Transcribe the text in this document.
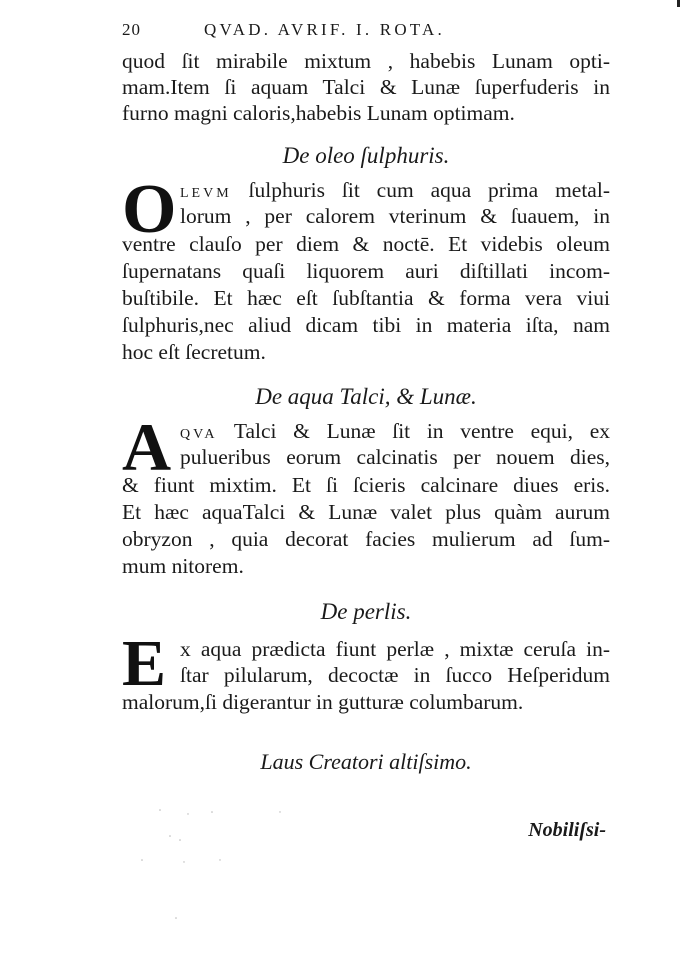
20	QVAD. AVRIF. I. ROTA.
quod ſit mirabile mixtum , habebis Lunam opti-
mam.Item ſi aquam Talci & Lunæ ſuperfuderis in
furno magni caloris,habebis Lunam optimam.
De oleo ſulphuris.
O LEVM ſulphuris ſit cum aqua prima metal-
lorum , per calorem vterinum & ſuauem, in
ventre clauſo per diem & noctē. Et videbis oleum
ſupernatans quaſi liquorem auri diſtillati incom-
buſtibile. Et hæc eſt ſubſtantia & forma vera viui
ſulphuris,nec aliud dicam tibi in materia iſta, nam
hoc eſt ſecretum.
De aqua Talci, & Lunæ.
A QVA Talci & Lunæ ſit in ventre equi, ex
pulueribus eorum calcinatis per nouem dies,
& fiunt mixtim. Et ſi ſcieris calcinare diues eris.
Et hæc aquaTalci & Lunæ valet plus quàm aurum
obryzon , quia decorat facies mulierum ad ſum-
mum nitorem.
De perlis.
E x aqua prædicta fiunt perlæ , mixtæ ceruſa in-
ſtar pilularum, decoctæ in ſucco Heſperidum
malorum,ſi digerantur in gutturæ columbarum.
Laus Creatori altiſsimo.
Nobiliſsi-
